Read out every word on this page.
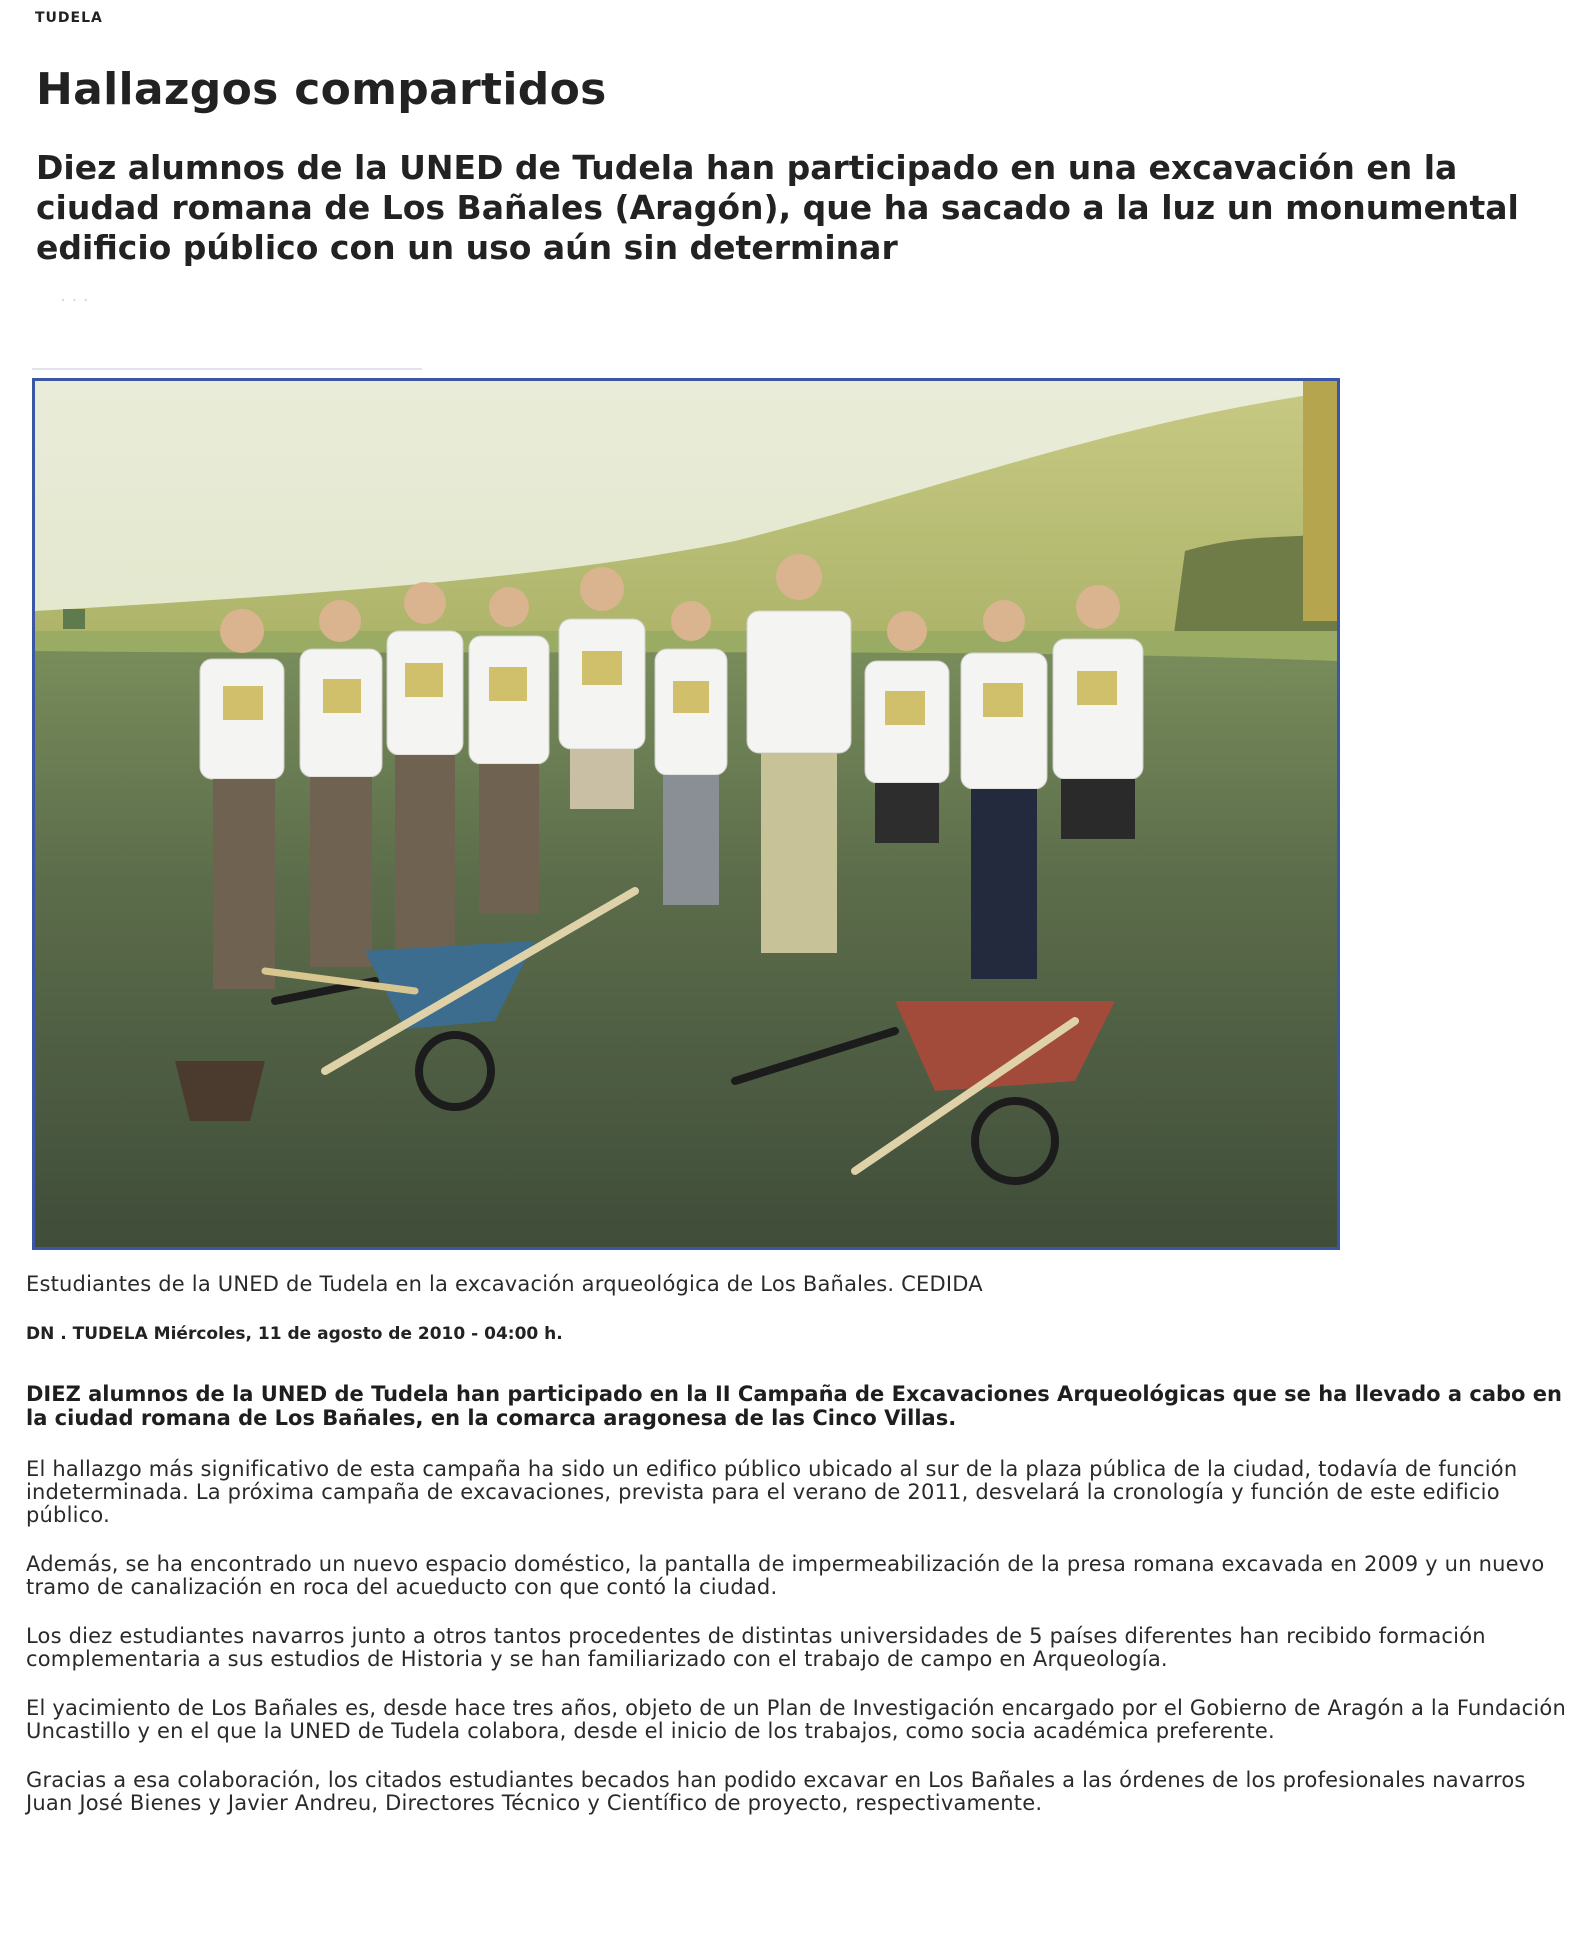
TUDELA
Hallazgos compartidos
Diez alumnos de la UNED de Tudela han participado en una excavación en la ciudad romana de Los Bañales (Aragón), que ha sacado a la luz un monumental edificio público con un uso aún sin determinar
· · ·
Estudiantes de la UNED de Tudela en la excavación arqueológica de Los Bañales. CEDIDA
DN . TUDELA Miércoles, 11 de agosto de 2010 - 04:00 h.

DIEZ alumnos de la UNED de Tudela han participado en la II Campaña de Excavaciones Arqueológicas que se ha llevado a cabo en la ciudad romana de Los Bañales, en la comarca aragonesa de las Cinco Villas.

El hallazgo más significativo de esta campaña ha sido un edifico público ubicado al sur de la plaza pública de la ciudad, todavía de función indeterminada. La próxima campaña de excavaciones, prevista para el verano de 2011, desvelará la cronología y función de este edificio público.

Además, se ha encontrado un nuevo espacio doméstico, la pantalla de impermeabilización de la presa romana excavada en 2009 y un nuevo tramo de canalización en roca del acueducto con que contó la ciudad.

Los diez estudiantes navarros junto a otros tantos procedentes de distintas universidades de 5 países diferentes han recibido formación complementaria a sus estudios de Historia y se han familiarizado con el trabajo de campo en Arqueología.

El yacimiento de Los Bañales es, desde hace tres años, objeto de un Plan de Investigación encargado por el Gobierno de Aragón a la Fundación Uncastillo y en el que la UNED de Tudela colabora, desde el inicio de los trabajos, como socia académica preferente.

Gracias a esa colaboración, los citados estudiantes becados han podido excavar en Los Bañales a las órdenes de los profesionales navarros Juan José Bienes y Javier Andreu, Directores Técnico y Científico de proyecto, respectivamente.
